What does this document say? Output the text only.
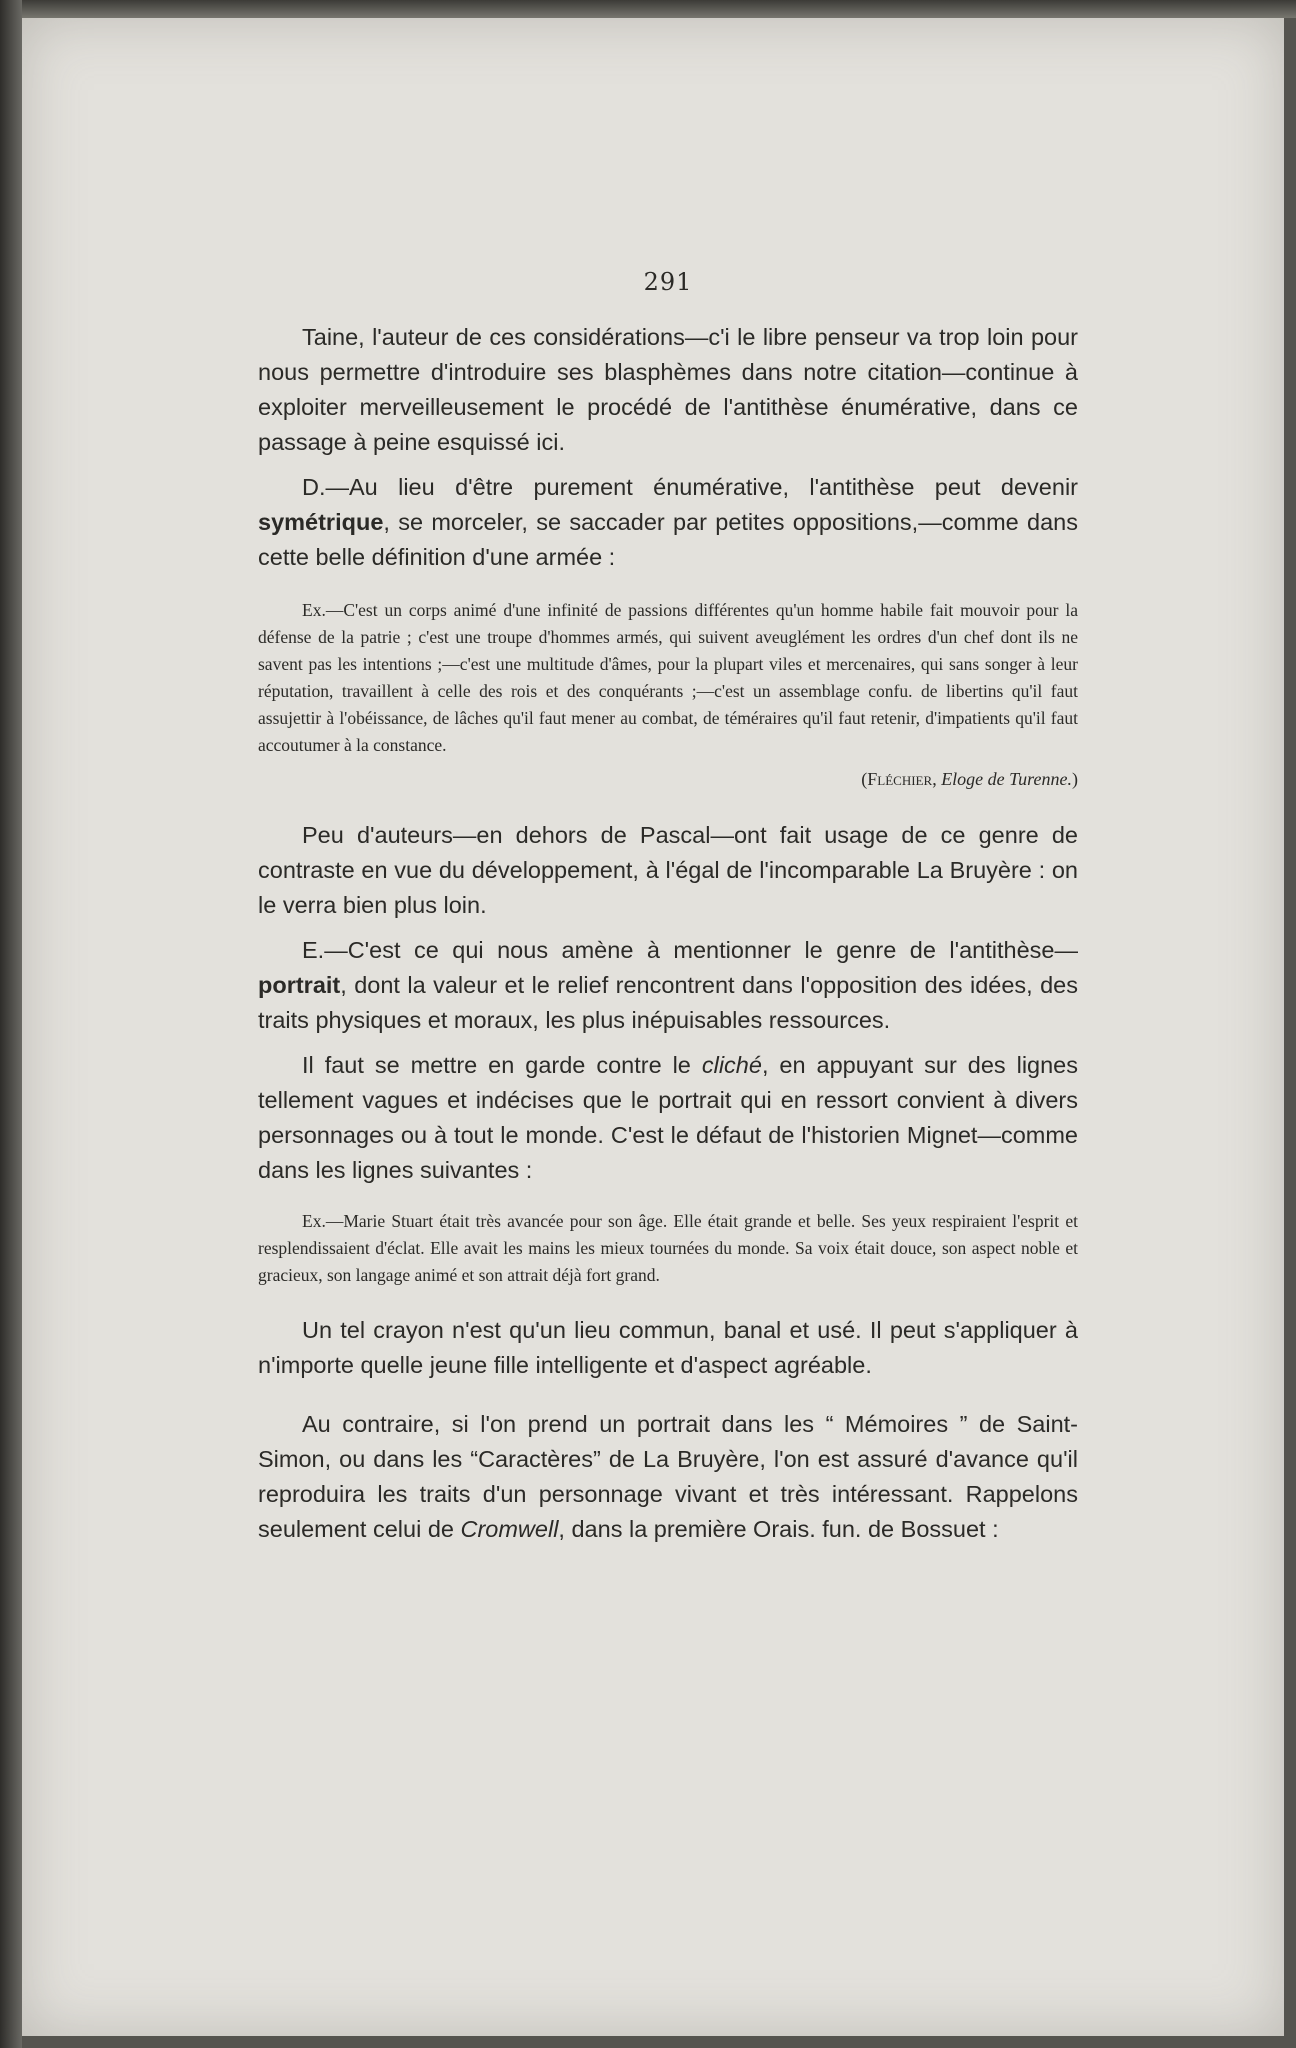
291

Taine, l'auteur de ces considérations—c'i le libre penseur va trop loin pour nous permettre d'introduire ses blasphèmes dans notre citation—continue à exploiter merveilleusement le procédé de l'antithèse énumérative, dans ce passage à peine esquissé ici.

D.—Au lieu d'être purement énumérative, l'antithèse peut devenir symétrique, se morceler, se saccader par petites oppositions,—comme dans cette belle définition d'une armée :

Ex.—C'est un corps animé d'une infinité de passions différentes qu'un homme habile fait mouvoir pour la défense de la patrie ; c'est une troupe d'hommes armés, qui suivent aveuglément les ordres d'un chef dont ils ne savent pas les intentions ;—c'est une multitude d'âmes, pour la plupart viles et mercenaires, qui sans songer à leur réputation, travaillent à celle des rois et des conquérants ;—c'est un assemblage confu. de libertins qu'il faut assujettir à l'obéissance, de lâches qu'il faut mener au combat, de téméraires qu'il faut retenir, d'impatients qu'il faut accoutumer à la constance.

(Fléchier, Eloge de Turenne.)

Peu d'auteurs—en dehors de Pascal—ont fait usage de ce genre de contraste en vue du développement, à l'égal de l'incomparable La Bruyère : on le verra bien plus loin.

E.—C'est ce qui nous amène à mentionner le genre de l'antithèse—portrait, dont la valeur et le relief rencontrent dans l'opposition des idées, des traits physiques et moraux, les plus inépuisables ressources.

Il faut se mettre en garde contre le cliché, en appuyant sur des lignes tellement vagues et indécises que le portrait qui en ressort convient à divers personnages ou à tout le monde. C'est le défaut de l'historien Mignet—comme dans les lignes suivantes :

Ex.—Marie Stuart était très avancée pour son âge. Elle était grande et belle. Ses yeux respiraient l'esprit et resplendissaient d'éclat. Elle avait les mains les mieux tournées du monde. Sa voix était douce, son aspect noble et gracieux, son langage animé et son attrait déjà fort grand.

Un tel crayon n'est qu'un lieu commun, banal et usé. Il peut s'appliquer à n'importe quelle jeune fille intelligente et d'aspect agréable.

Au contraire, si l'on prend un portrait dans les “ Mémoires ” de Saint-Simon, ou dans les “Caractères” de La Bruyère, l'on est assuré d'avance qu'il reproduira les traits d'un personnage vivant et très intéressant. Rappelons seulement celui de Cromwell, dans la première Orais. fun. de Bossuet :
